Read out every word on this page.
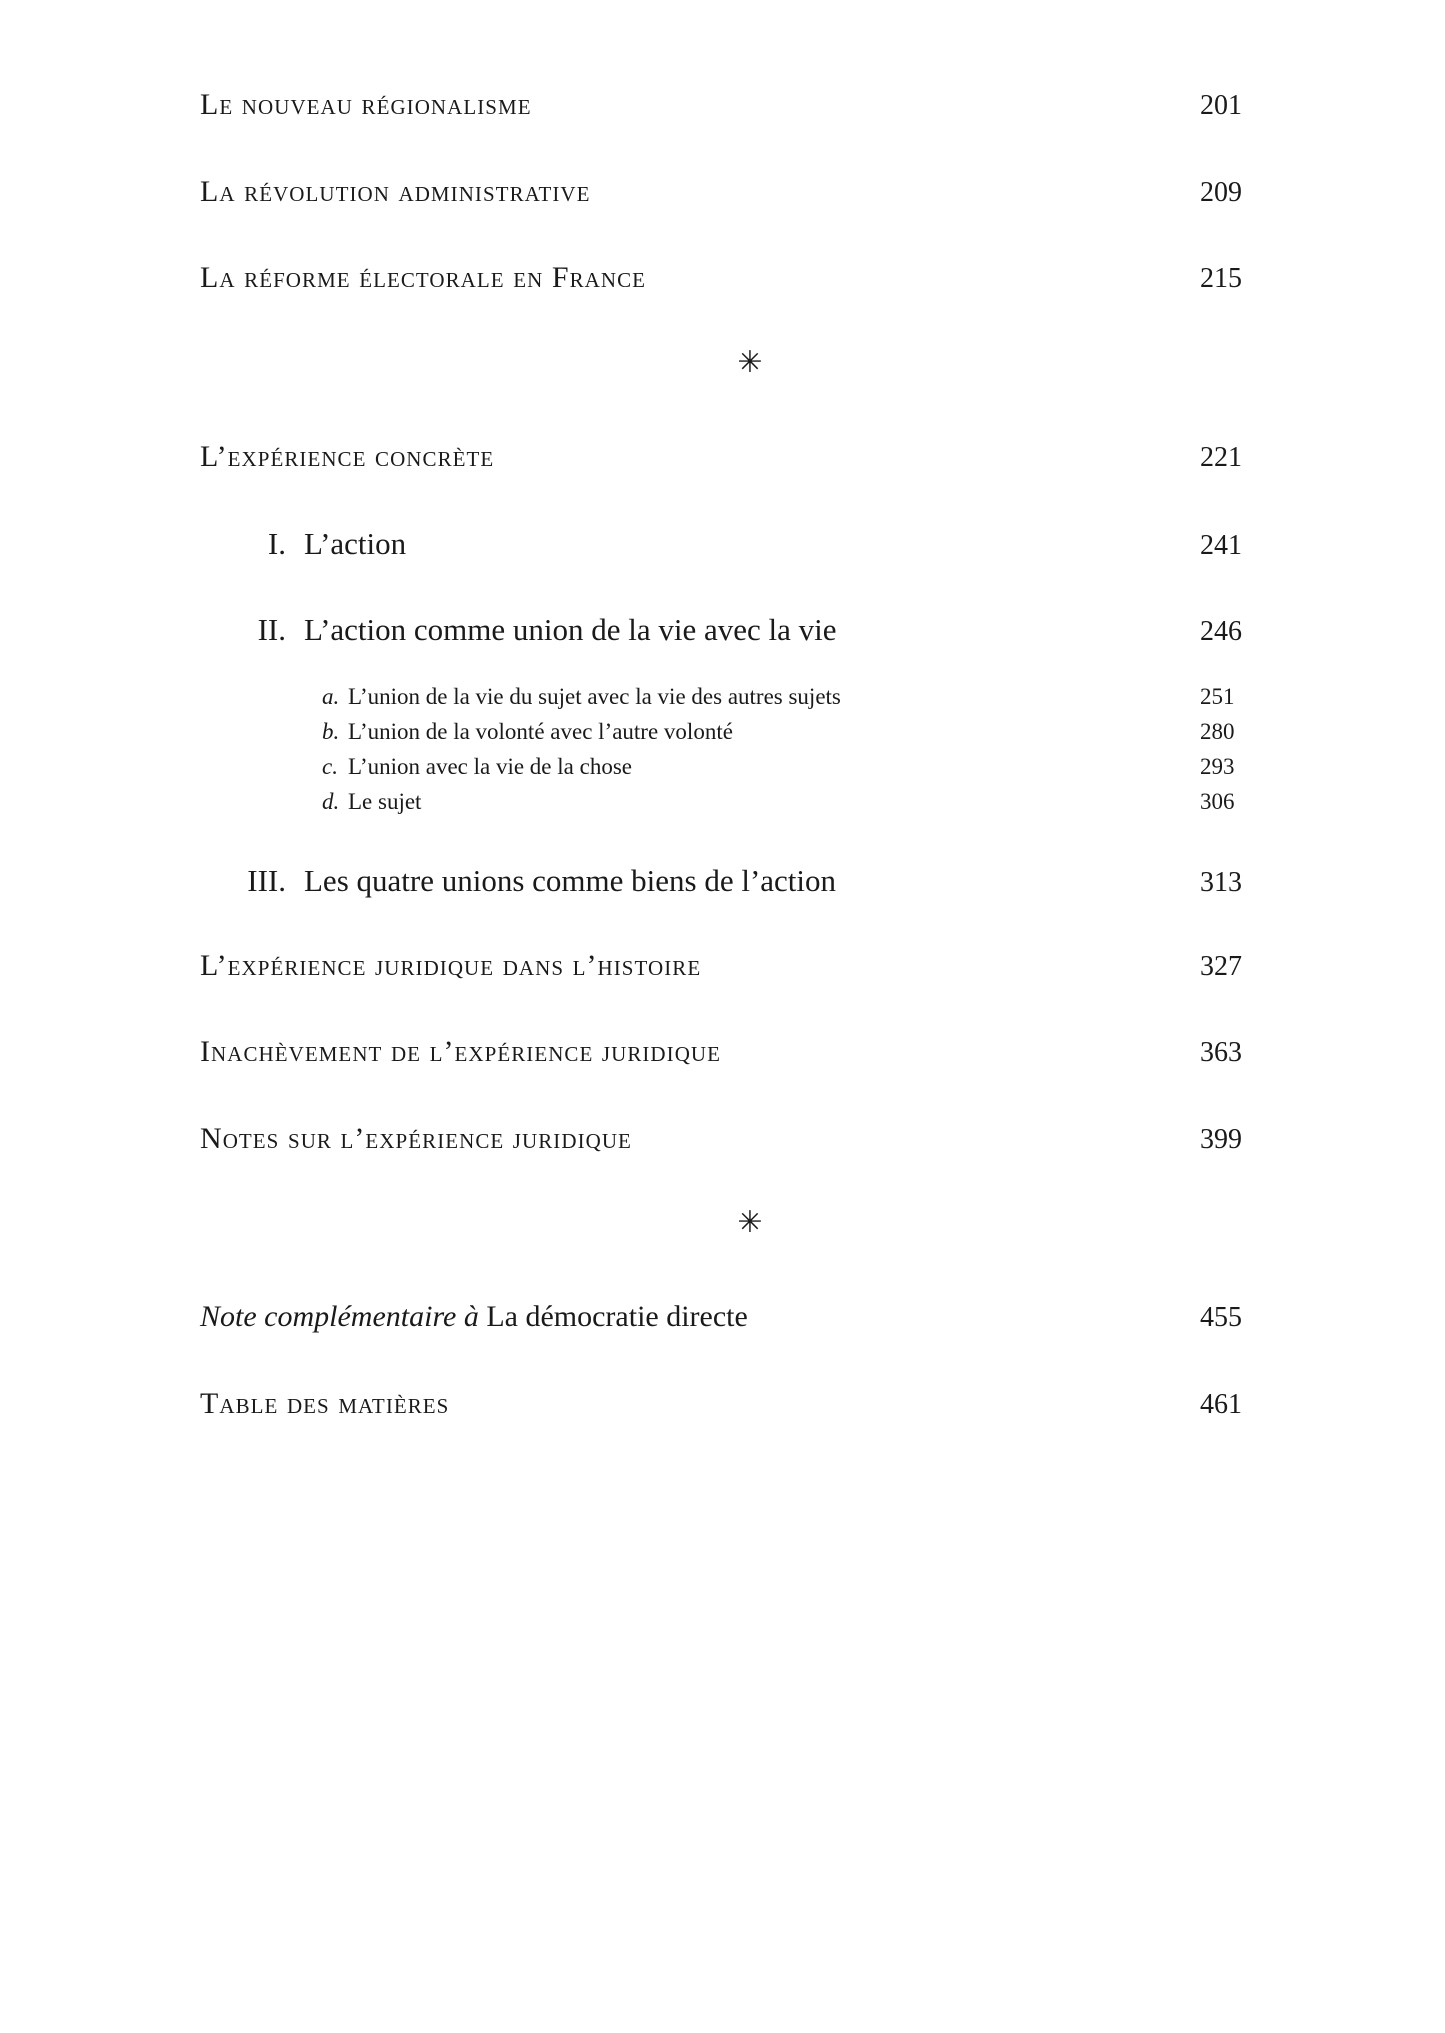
Le nouveau régionalisme	201
La révolution administrative	209
La réforme électorale en France	215
✳
L’expérience concrète	221
I. L’action	241
II. L’action comme union de la vie avec la vie	246
a. L’union de la vie du sujet avec la vie des autres sujets	251
b. L’union de la volonté avec l’autre volonté	280
c. L’union avec la vie de la chose	293
d. Le sujet	306
III. Les quatre unions comme biens de l’action	313
L’expérience juridique dans l’histoire	327
Inachèvement de l’expérience juridique	363
Notes sur l’expérience juridique	399
✳
Note complémentaire à La démocratie directe	455
Table des matières	461
